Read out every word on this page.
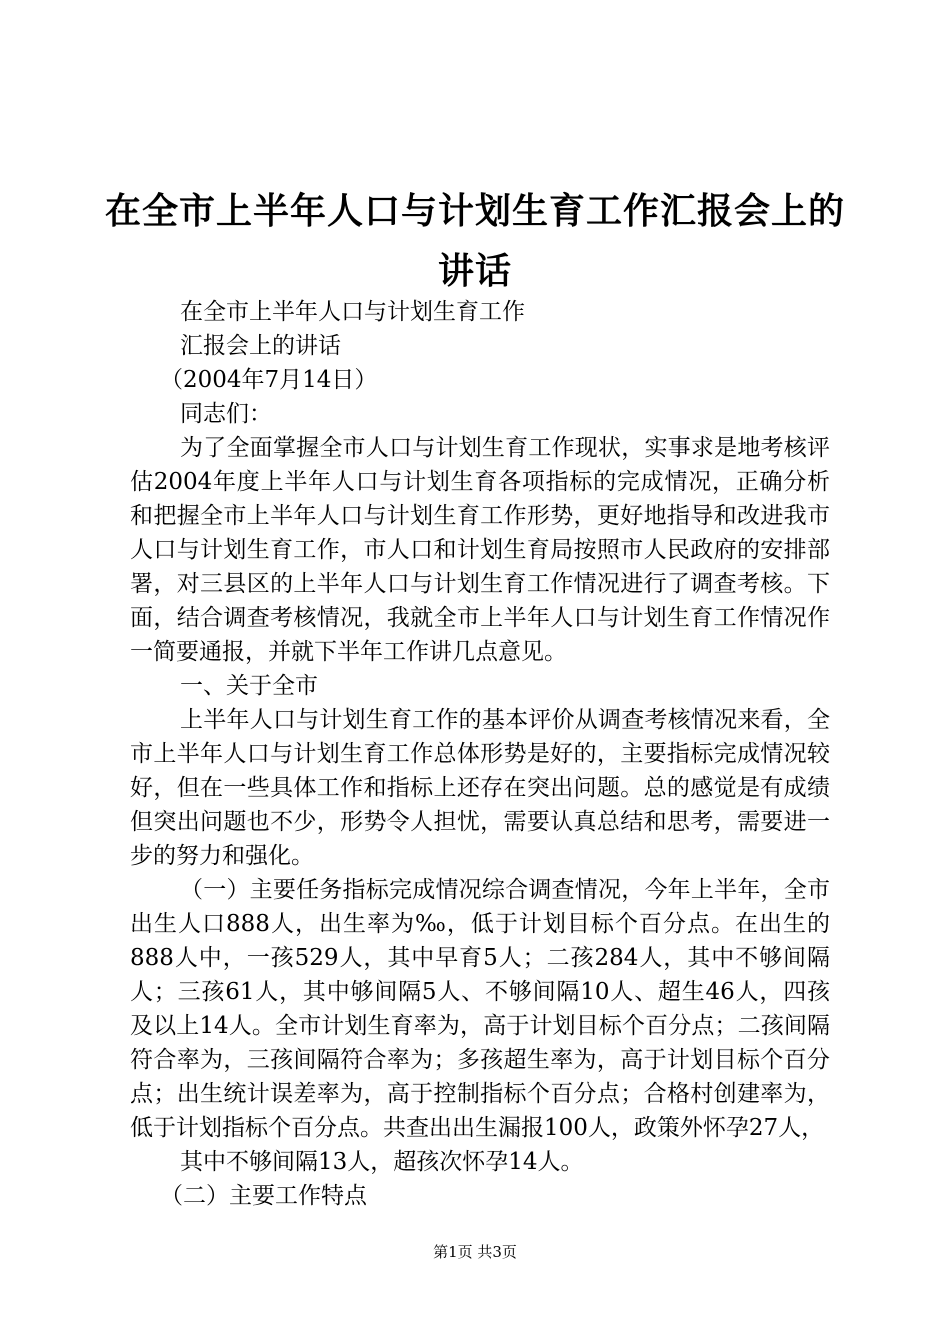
在全市上半年人口与计划生育工作汇报会上的
讲话

在全市上半年人口与计划生育工作

汇报会上的讲话

（2004年7月14日）

同志们：

为了全面掌握全市人口与计划生育工作现状，实事求是地考核评估2004年度上半年人口与计划生育各项指标的完成情况，正确分析和把握全市上半年人口与计划生育工作形势，更好地指导和改进我市人口与计划生育工作，市人口和计划生育局按照市人民政府的安排部署，对三县区的上半年人口与计划生育工作情况进行了调查考核。下面，结合调查考核情况，我就全市上半年人口与计划生育工作情况作一简要通报，并就下半年工作讲几点意见。

一、关于全市

上半年人口与计划生育工作的基本评价从调查考核情况来看，全市上半年人口与计划生育工作总体形势是好的，主要指标完成情况较好，但在一些具体工作和指标上还存在突出问题。总的感觉是有成绩但突出问题也不少，形势令人担忧，需要认真总结和思考，需要进一步的努力和强化。

（一）主要任务指标完成情况综合调查情况，今年上半年，全市出生人口888人，出生率为‰，低于计划目标个百分点。在出生的888人中，一孩529人，其中早育5人；二孩284人，其中不够间隔人；三孩61人，其中够间隔5人、不够间隔10人、超生46人，四孩及以上14人。全市计划生育率为，高于计划目标个百分点；二孩间隔符合率为，三孩间隔符合率为；多孩超生率为，高于计划目标个百分点；出生统计误差率为，高于控制指标个百分点；合格村创建率为，低于计划指标个百分点。共查出出生漏报100人，政策外怀孕27人，

其中不够间隔13人，超孩次怀孕14人。

（二）主要工作特点

第1页 共3页
